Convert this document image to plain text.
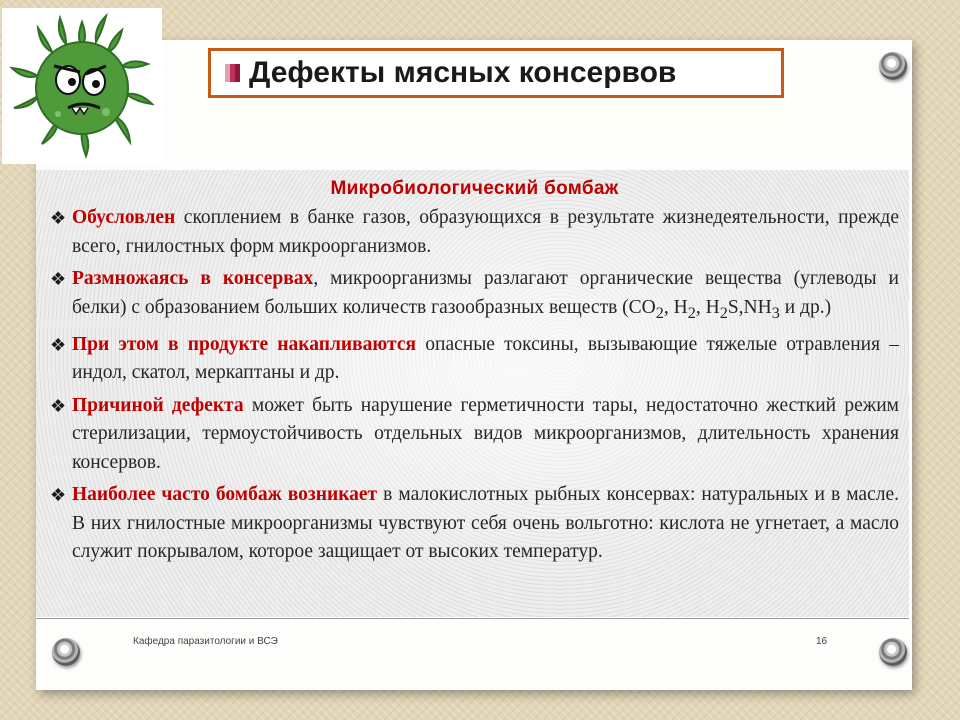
Дефекты мясных консервов
Микробиологический бомбаж
❖ Обусловлен скоплением в банке газов, образующихся в результате жизнедеятельности, прежде всего, гнилостных форм микроорганизмов.
❖ Размножаясь в консервах, микроорганизмы разлагают органические вещества (углеводы и белки) с образованием больших количеств газообразных веществ ($CO_2$, $H_2$, $H_2S,NH_3$ и др.)
❖ При этом в продукте накапливаются опасные токсины, вызывающие тяжелые отравления – индол, скатол, меркаптаны и др.
❖ Причиной дефекта может быть нарушение герметичности тары, недостаточно жесткий режим стерилизации, термоустойчивость отдельных видов микроорганизмов, длительность хранения консервов.
❖ Наиболее часто бомбаж возникает в малокислотных рыбных консервах: натуральных и в масле. В них гнилостные микроорганизмы чувствуют себя очень вольготно: кислота не угнетает, а масло служит покрывалом, которое защищает от высоких температур.
Кафедра паразитологии и ВСЭ	16
